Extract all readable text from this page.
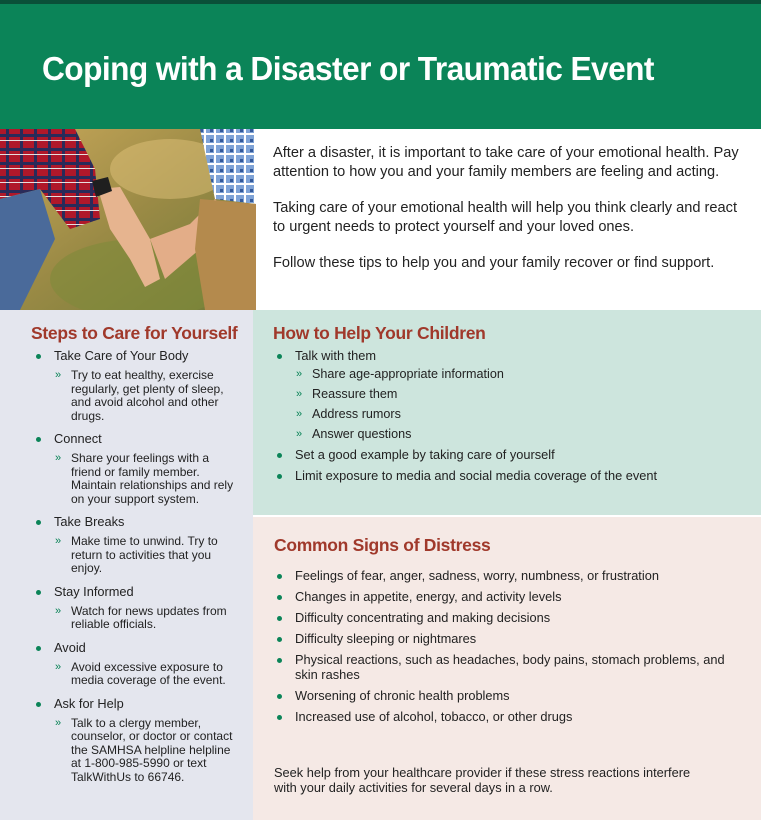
Coping with a Disaster or Traumatic Event

After a disaster, it is important to take care of your emotional health. Pay attention to how you and your family members are feeling and acting.

Taking care of your emotional health will help you think clearly and react to urgent needs to protect yourself and your loved ones.

Follow these tips to help you and your family recover or find support.

Steps to Care for Yourself
Take Care of Your Body
» Try to eat healthy, exercise regularly, get plenty of sleep, and avoid alcohol and other drugs.
Connect
» Share your feelings with a friend or family member. Maintain relationships and rely on your support system.
Take Breaks
» Make time to unwind. Try to return to activities that you enjoy.
Stay Informed
» Watch for news updates from reliable officials.
Avoid
» Avoid excessive exposure to media coverage of the event.
Ask for Help
» Talk to a clergy member, counselor, or doctor or contact the SAMHSA helpline helpline at 1-800-985-5990 or text TalkWithUs to 66746.
How to Help Your Children
Talk with them
» Share age-appropriate information
» Reassure them
» Address rumors
» Answer questions
Set a good example by taking care of yourself
Limit exposure to media and social media coverage of the event
Common Signs of Distress
Feelings of fear, anger, sadness, worry, numbness, or frustration
Changes in appetite, energy, and activity levels
Difficulty concentrating and making decisions
Difficulty sleeping or nightmares
Physical reactions, such as headaches, body pains, stomach problems, and skin rashes
Worsening of chronic health problems
Increased use of alcohol, tobacco, or other drugs

Seek help from your healthcare provider if these stress reactions interfere with your daily activities for several days in a row.
